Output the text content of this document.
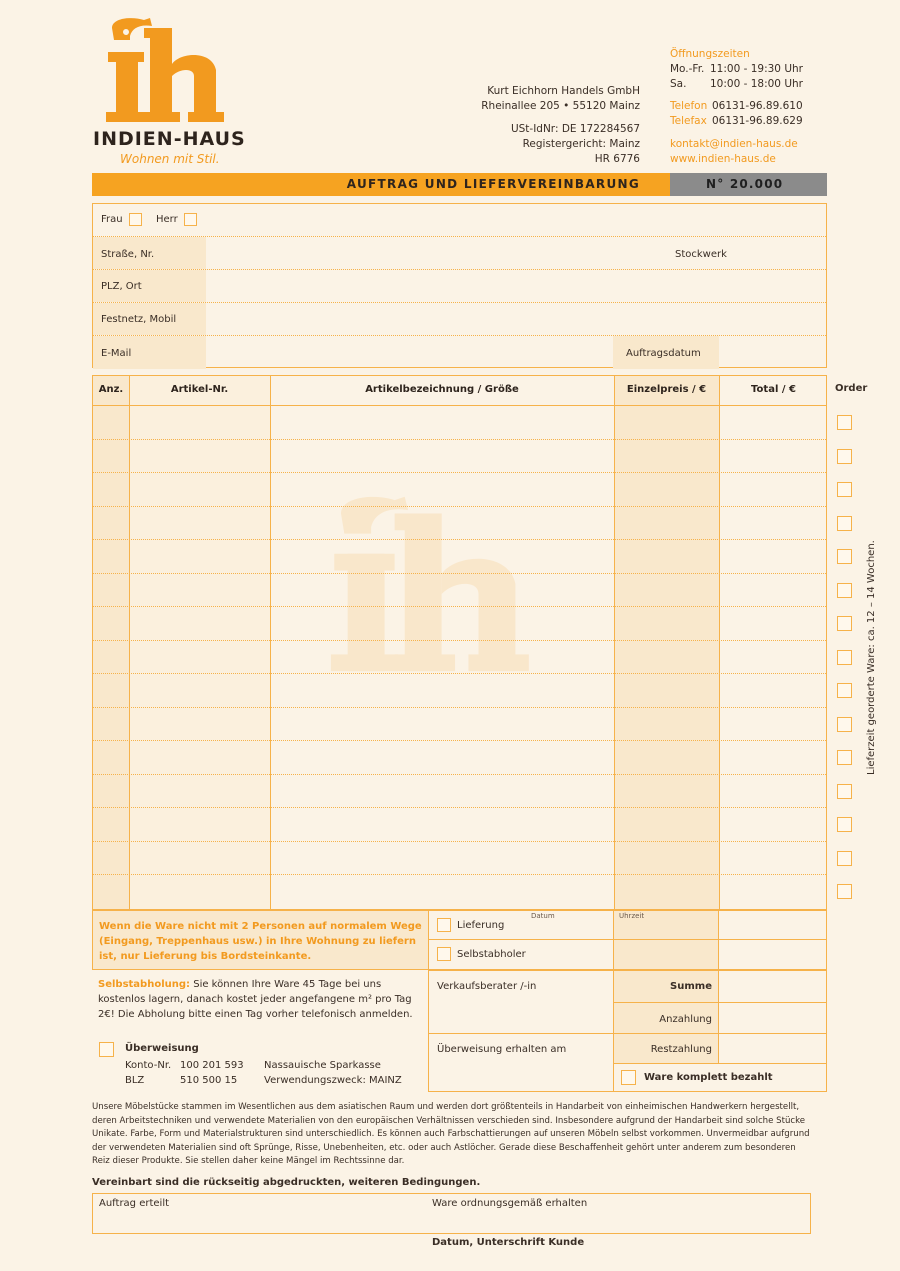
INDIEN-HAUS
Wohnen mit Stil.
Kurt Eichhorn Handels GmbH
Rheinallee 205 • 55120 Mainz
USt-IdNr: DE 172284567
Registergericht: Mainz
HR 6776
Öffnungszeiten
Mo.-Fr. 11:00 - 19:30 Uhr
Sa. 10:00 - 18:00 Uhr
Telefon 06131-96.89.610
Telefax 06131-96.89.629
kontakt@indien-haus.de
www.indien-haus.de
AUFTRAG UND LIEFERVEREINBARUNG	N° 20.000
Frau	Herr
Straße, Nr.	Stockwerk
PLZ, Ort
Festnetz, Mobil
E-Mail	Auftragsdatum
Anz.	Artikel-Nr.	Artikelbezeichnung / Größe	Einzelpreis / €	Total / €	Order
Lieferzeit georderte Ware: ca. 12 – 14 Wochen.
Wenn die Ware nicht mit 2 Personen auf normalem Wege (Eingang, Treppenhaus usw.) in Ihre Wohnung zu liefern ist, nur Lieferung bis Bordsteinkante.
Lieferung
Datum
Selbstabholer
Uhrzeit
Selbstabholung: Sie können Ihre Ware 45 Tage bei uns kostenlos lagern, danach kostet jeder angefangene m² pro Tag 2€! Die Abholung bitte einen Tag vorher telefonisch anmelden.
Überweisung
Konto-Nr. 100 201 593 Nassauische Sparkasse
BLZ	510 500 15	Verwendungszweck: MAINZ
Verkaufsberater /-in
Überweisung erhalten am
Summe
Anzahlung
Restzahlung
Ware komplett bezahlt
Unsere Möbelstücke stammen im Wesentlichen aus dem asiatischen Raum und werden dort größtenteils in Handarbeit von einheimischen Handwerkern hergestellt, deren Arbeitstechniken und verwendete Materialien von den europäischen Verhältnissen verschieden sind. Insbesondere aufgrund der Handarbeit sind solche Stücke Unikate. Farbe, Form und Materialstrukturen sind unterschiedlich. Es können auch Farbschattierungen auf unseren Möbeln selbst vorkommen. Unvermeidbar aufgrund der verwendeten Materialien sind oft Sprünge, Risse, Unebenheiten, etc. oder auch Astlöcher. Gerade diese Beschaffenheit gehört unter anderem zum besonderen Reiz dieser Produkte. Sie stellen daher keine Mängel im Rechtssinne dar.
Vereinbart sind die rückseitig abgedruckten, weiteren Bedingungen.
Auftrag erteilt	Ware ordnungsgemäß erhalten
Datum, Unterschrift Kunde
